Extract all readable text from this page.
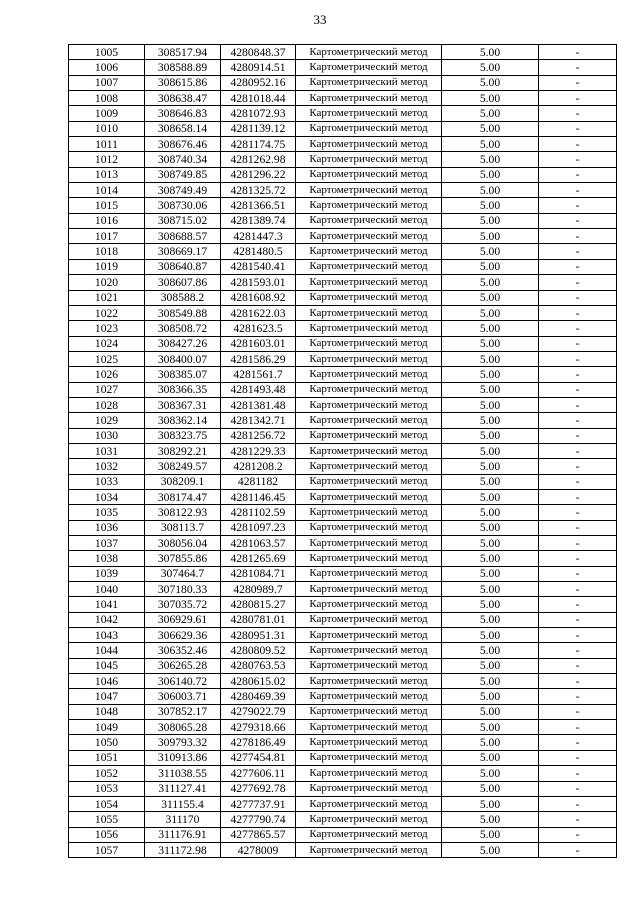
33
1005	308517.94	4280848.37	Картометрический метод	5.00	-
1006	308588.89	4280914.51	Картометрический метод	5.00	-
1007	308615.86	4280952.16	Картометрический метод	5.00	-
1008	308638.47	4281018.44	Картометрический метод	5.00	-
1009	308646.83	4281072.93	Картометрический метод	5.00	-
1010	308658.14	4281139.12	Картометрический метод	5.00	-
1011	308676.46	4281174.75	Картометрический метод	5.00	-
1012	308740.34	4281262.98	Картометрический метод	5.00	-
1013	308749.85	4281296.22	Картометрический метод	5.00	-
1014	308749.49	4281325.72	Картометрический метод	5.00	-
1015	308730.06	4281366.51	Картометрический метод	5.00	-
1016	308715.02	4281389.74	Картометрический метод	5.00	-
1017	308688.57	4281447.3	Картометрический метод	5.00	-
1018	308669.17	4281480.5	Картометрический метод	5.00	-
1019	308640.87	4281540.41	Картометрический метод	5.00	-
1020	308607.86	4281593.01	Картометрический метод	5.00	-
1021	308588.2	4281608.92	Картометрический метод	5.00	-
1022	308549.88	4281622.03	Картометрический метод	5.00	-
1023	308508.72	4281623.5	Картометрический метод	5.00	-
1024	308427.26	4281603.01	Картометрический метод	5.00	-
1025	308400.07	4281586.29	Картометрический метод	5.00	-
1026	308385.07	4281561.7	Картометрический метод	5.00	-
1027	308366.35	4281493.48	Картометрический метод	5.00	-
1028	308367.31	4281381.48	Картометрический метод	5.00	-
1029	308362.14	4281342.71	Картометрический метод	5.00	-
1030	308323.75	4281256.72	Картометрический метод	5.00	-
1031	308292.21	4281229.33	Картометрический метод	5.00	-
1032	308249.57	4281208.2	Картометрический метод	5.00	-
1033	308209.1	4281182	Картометрический метод	5.00	-
1034	308174.47	4281146.45	Картометрический метод	5.00	-
1035	308122.93	4281102.59	Картометрический метод	5.00	-
1036	308113.7	4281097.23	Картометрический метод	5.00	-
1037	308056.04	4281063.57	Картометрический метод	5.00	-
1038	307855.86	4281265.69	Картометрический метод	5.00	-
1039	307464.7	4281084.71	Картометрический метод	5.00	-
1040	307180.33	4280989.7	Картометрический метод	5.00	-
1041	307035.72	4280815.27	Картометрический метод	5.00	-
1042	306929.61	4280781.01	Картометрический метод	5.00	-
1043	306629.36	4280951.31	Картометрический метод	5.00	-
1044	306352.46	4280809.52	Картометрический метод	5.00	-
1045	306265.28	4280763.53	Картометрический метод	5.00	-
1046	306140.72	4280615.02	Картометрический метод	5.00	-
1047	306003.71	4280469.39	Картометрический метод	5.00	-
1048	307852.17	4279022.79	Картометрический метод	5.00	-
1049	308065.28	4279318.66	Картометрический метод	5.00	-
1050	309793.32	4278186.49	Картометрический метод	5.00	-
1051	310913.86	4277454.81	Картометрический метод	5.00	-
1052	311038.55	4277606.11	Картометрический метод	5.00	-
1053	311127.41	4277692.78	Картометрический метод	5.00	-
1054	311155.4	4277737.91	Картометрический метод	5.00	-
1055	311170	4277790.74	Картометрический метод	5.00	-
1056	311176.91	4277865.57	Картометрический метод	5.00	-
1057	311172.98	4278009	Картометрический метод	5.00	-
